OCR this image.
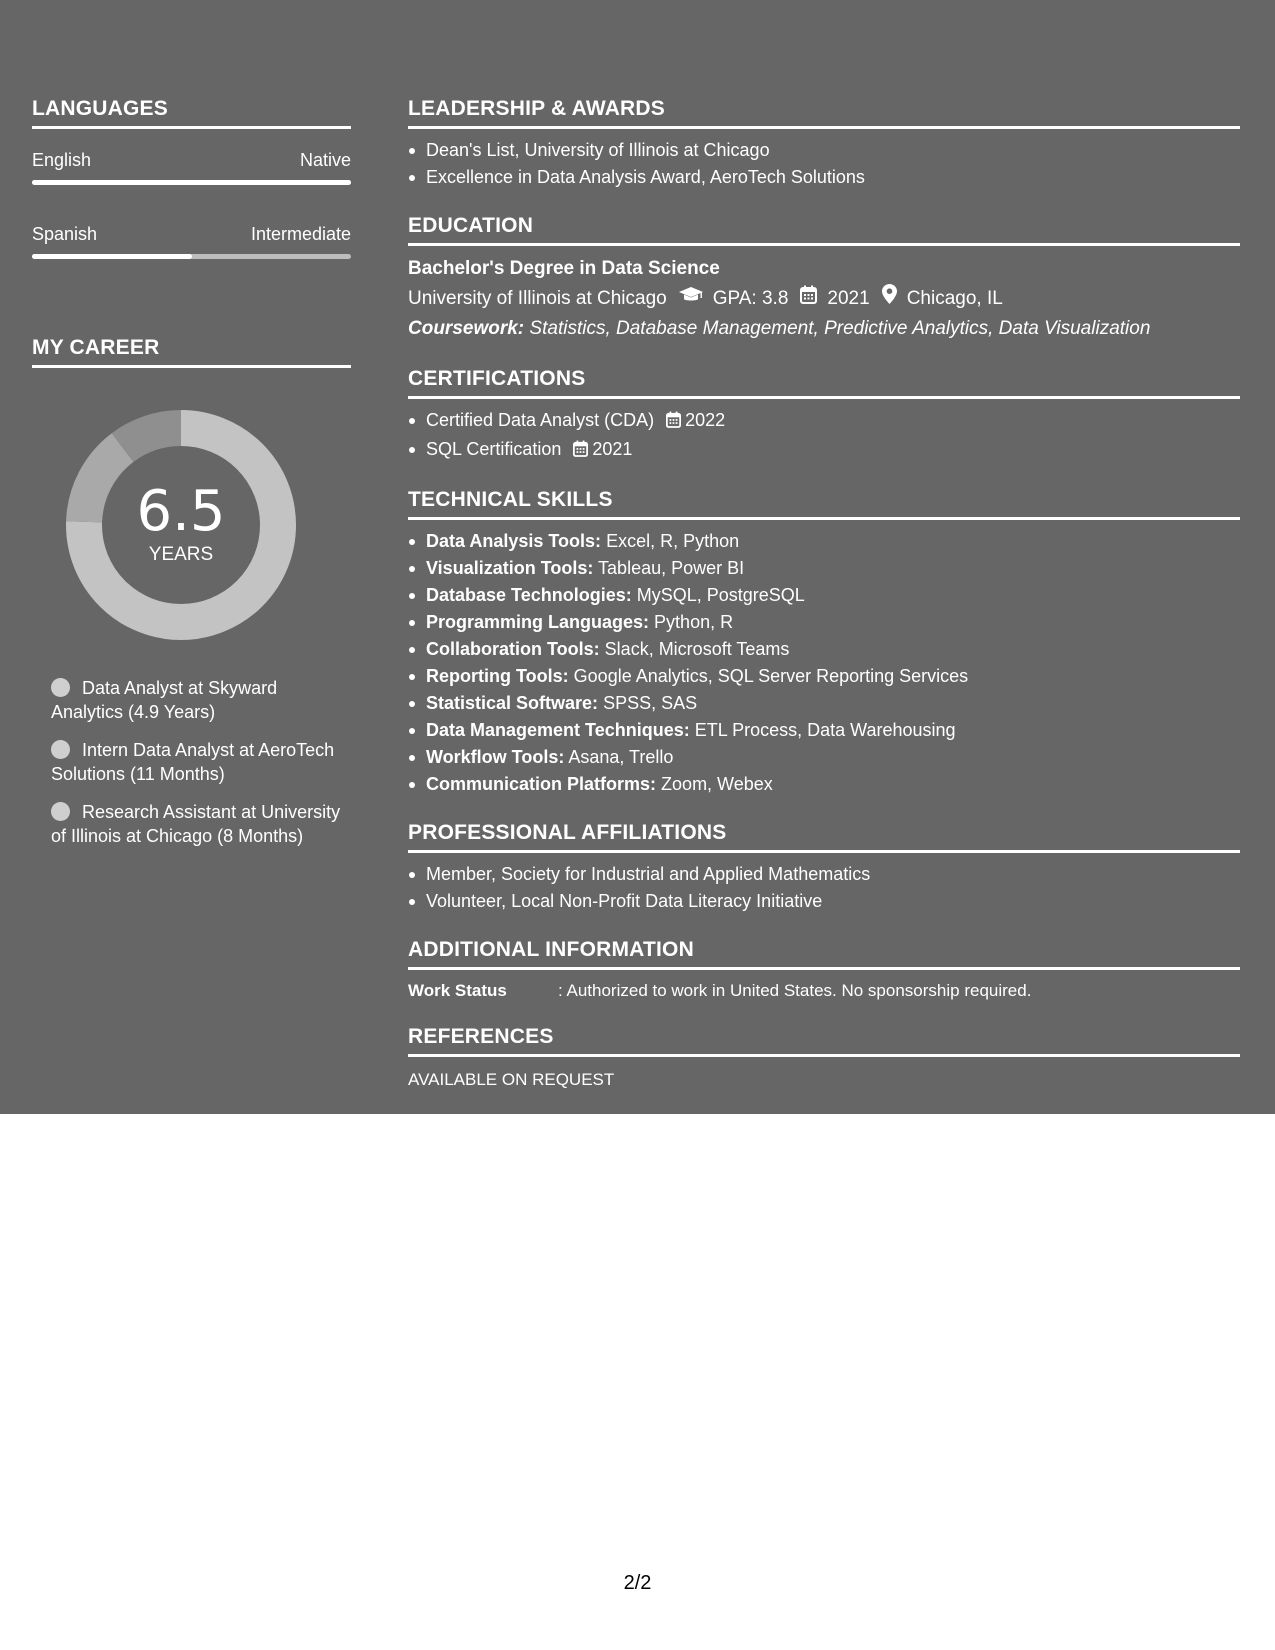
LANGUAGES
English	Native
Spanish	Intermediate
MY CAREER
6.5
YEARS
Data Analyst at Skyward Analytics (4.9 Years)
Intern Data Analyst at AeroTech Solutions (11 Months)
Research Assistant at University of Illinois at Chicago (8 Months)
LEADERSHIP & AWARDS
Dean's List, University of Illinois at Chicago
Excellence in Data Analysis Award, AeroTech Solutions
EDUCATION
Bachelor's Degree in Data Science
University of Illinois at Chicago GPA: 3.8 2021 Chicago, IL
Coursework: Statistics, Database Management, Predictive Analytics, Data Visualization
CERTIFICATIONS
Certified Data Analyst (CDA) 2022
SQL Certification 2021
TECHNICAL SKILLS
Data Analysis Tools: Excel, R, Python
Visualization Tools: Tableau, Power BI
Database Technologies: MySQL, PostgreSQL
Programming Languages: Python, R
Collaboration Tools: Slack, Microsoft Teams
Reporting Tools: Google Analytics, SQL Server Reporting Services
Statistical Software: SPSS, SAS
Data Management Techniques: ETL Process, Data Warehousing
Workflow Tools: Asana, Trello
Communication Platforms: Zoom, Webex
PROFESSIONAL AFFILIATIONS
Member, Society for Industrial and Applied Mathematics
Volunteer, Local Non-Profit Data Literacy Initiative
ADDITIONAL INFORMATION
Work Status	: Authorized to work in United States. No sponsorship required.
REFERENCES
AVAILABLE ON REQUEST
2/2
